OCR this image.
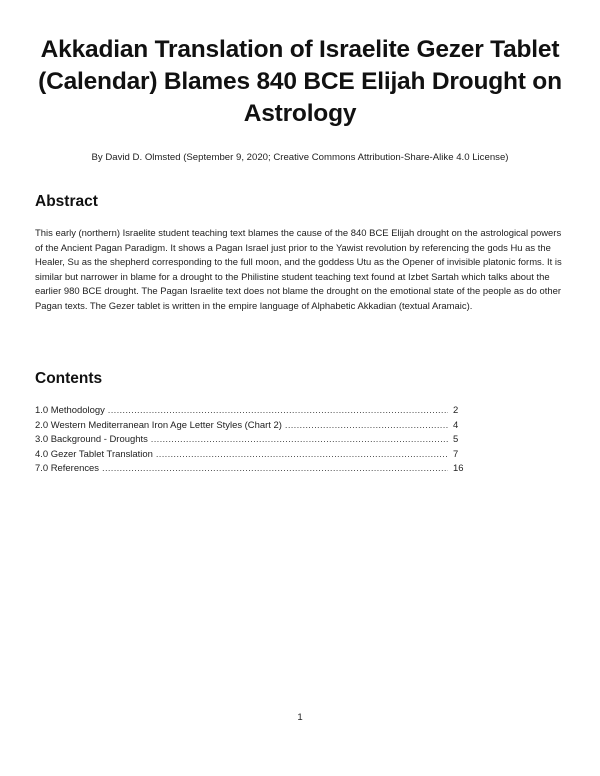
Akkadian Translation of Israelite Gezer Tablet (Calendar) Blames 840 BCE Elijah Drought on Astrology

By David D. Olmsted (September 9, 2020; Creative Commons Attribution-Share-Alike 4.0 License)

Abstract

This early (northern) Israelite student teaching text blames the cause of the 840 BCE Elijah drought on the astrological powers of the Ancient Pagan Paradigm. It shows a Pagan Israel just prior to the Yawist revolution by referencing the gods Hu as the Healer, Su as the shepherd corresponding to the full moon, and the goddess Utu as the Opener of invisible platonic forms. It is similar but narrower in blame for a drought to the Philistine student teaching text found at Izbet Sartah which talks about the earlier 980 BCE drought. The Pagan Israelite text does not blame the drought on the emotional state of the people as do other Pagan texts. The Gezer tablet is written in the empire language of Alphabetic Akkadian (textual Aramaic).

Contents
1.0 Methodology .....	2
2.0 Western Mediterranean Iron Age Letter Styles (Chart 2) .....	4
3.0 Background - Droughts .....	5
4.0 Gezer Tablet Translation .....	7
7.0 References .....	16
1
